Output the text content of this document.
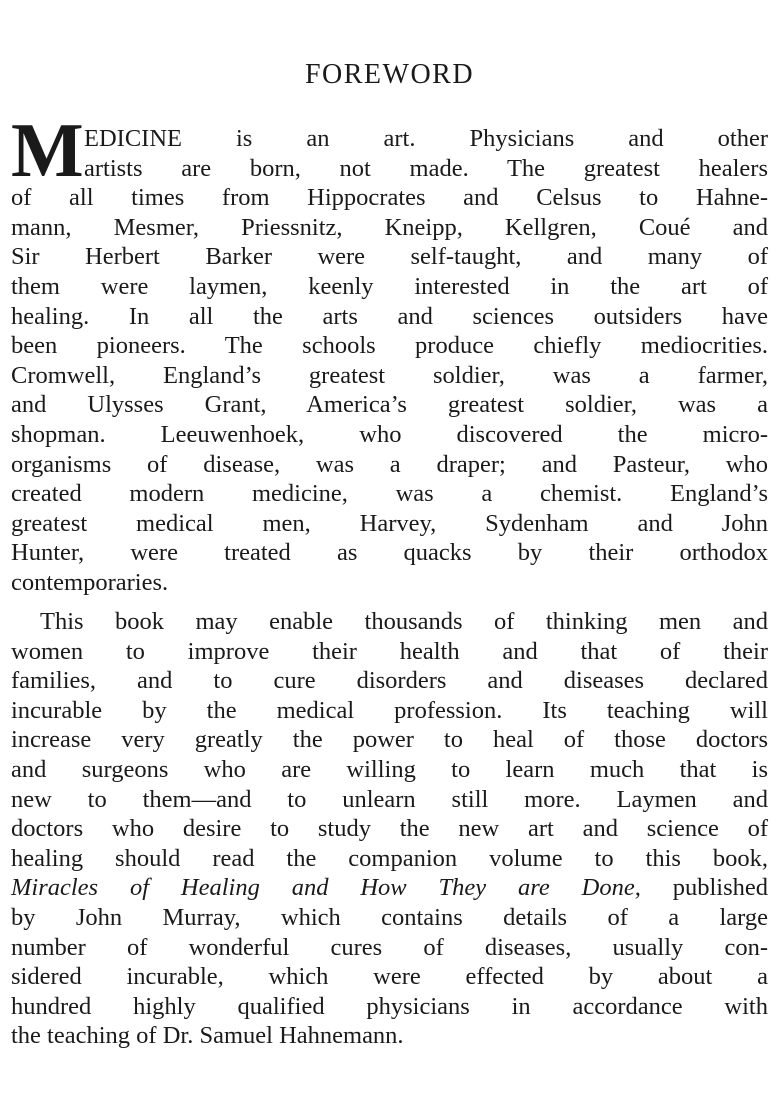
FOREWORD
M EDICINE is an art. Physicians and other
artists are born, not made. The greatest healers
of all times from Hippocrates and Celsus to Hahne-
mann, Mesmer, Priessnitz, Kneipp, Kellgren, Coué and
Sir Herbert Barker were self-taught, and many of
them were laymen, keenly interested in the art of
healing. In all the arts and sciences outsiders have
been pioneers. The schools produce chiefly mediocrities.
Cromwell, England’s greatest soldier, was a farmer,
and Ulysses Grant, America’s greatest soldier, was a
shopman. Leeuwenhoek, who discovered the micro-
organisms of disease, was a draper; and Pasteur, who
created modern medicine, was a chemist. England’s
greatest medical men, Harvey, Sydenham and John
Hunter, were treated as quacks by their orthodox
contemporaries.
This book may enable thousands of thinking men and
women to improve their health and that of their
families, and to cure disorders and diseases declared
incurable by the medical profession. Its teaching will
increase very greatly the power to heal of those doctors
and surgeons who are willing to learn much that is
new to them—and to unlearn still more. Laymen and
doctors who desire to study the new art and science of
healing should read the companion volume to this book,
Miracles of Healing and How They are Done, published
by John Murray, which contains details of a large
number of wonderful cures of diseases, usually con-
sidered incurable, which were effected by about a
hundred highly qualified physicians in accordance with
the teaching of Dr. Samuel Hahnemann.
